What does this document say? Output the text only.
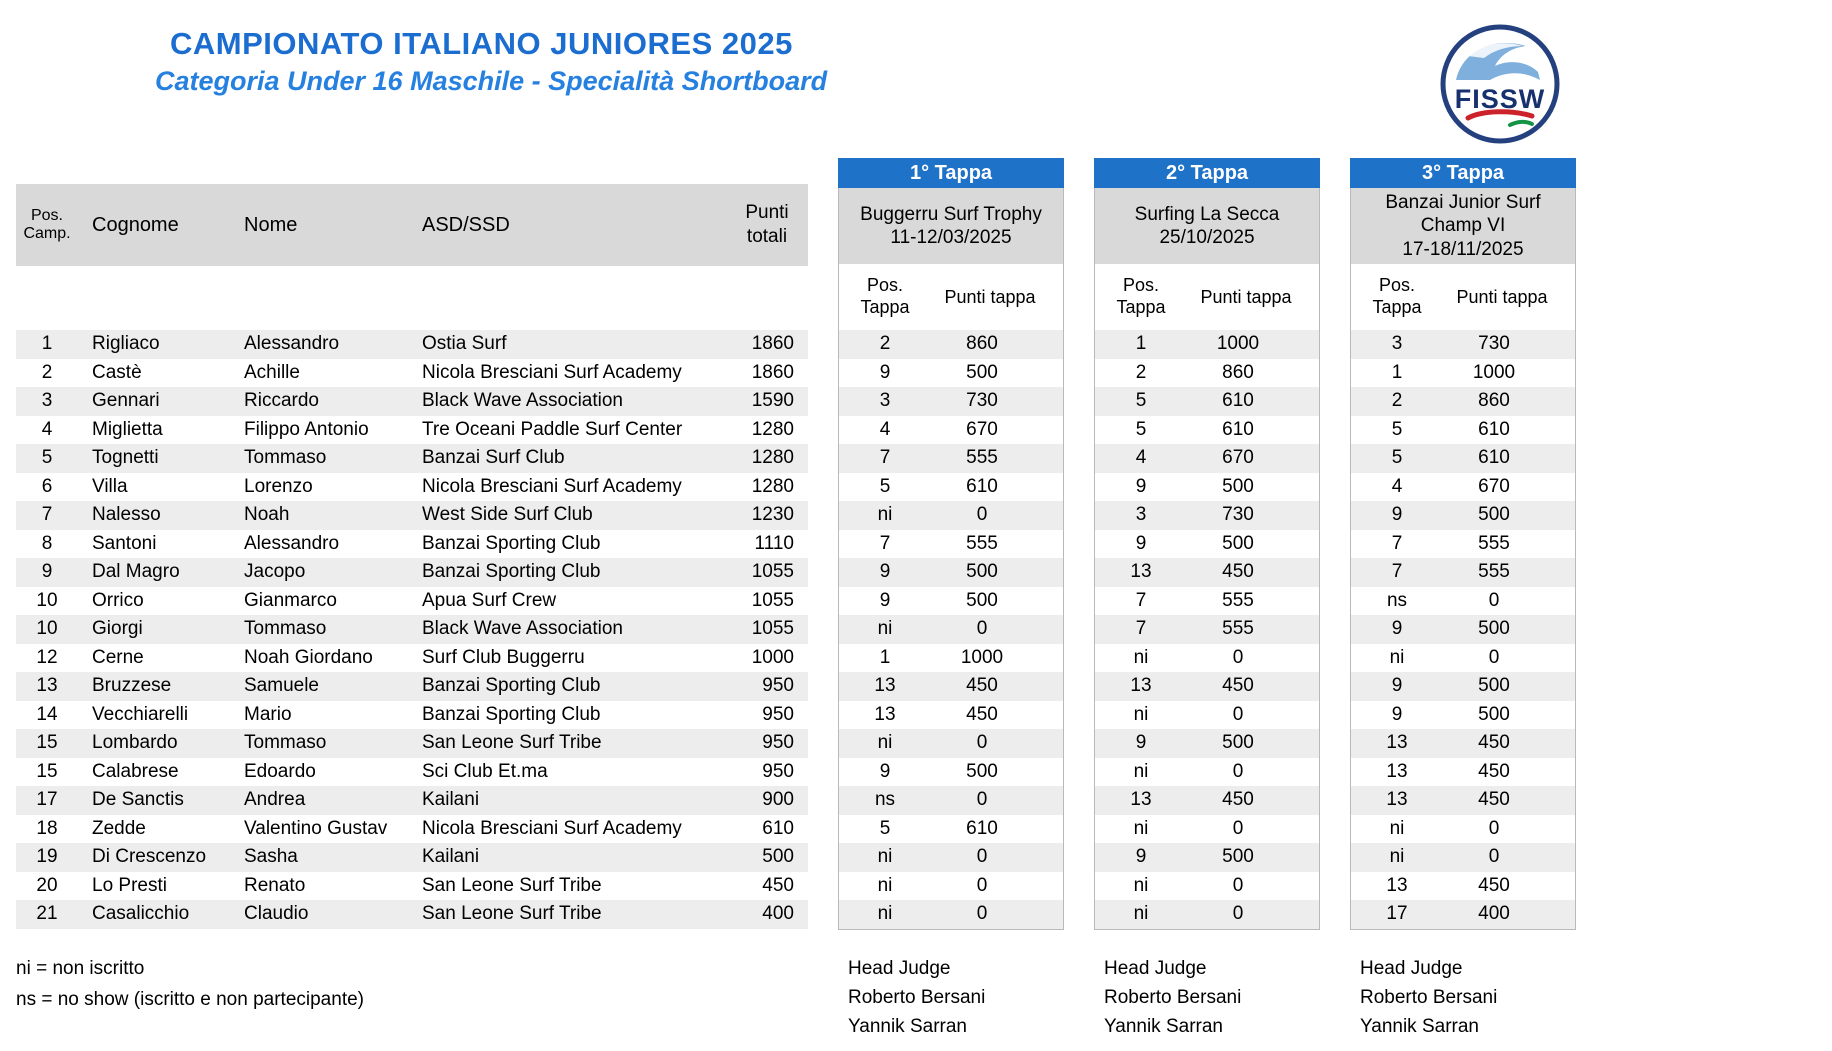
CAMPIONATO ITALIANO JUNIORES 2025
Categoria Under 16 Maschile - Specialità Shortboard
FISSW
Pos.
Camp.	Cognome	Nome	ASD/SSD
Punti
totali
1	Rigliaco	Alessandro	Ostia Surf	1860
2	Castè	Achille	Nicola Bresciani Surf Academy	1860
3	Gennari	Riccardo	Black Wave Association	1590
4	Miglietta	Filippo Antonio	Tre Oceani Paddle Surf Center	1280
5	Tognetti	Tommaso	Banzai Surf Club	1280
6	Villa	Lorenzo	Nicola Bresciani Surf Academy	1280
7	Nalesso	Noah	West Side Surf Club	1230
8	Santoni	Alessandro	Banzai Sporting Club	1110
9	Dal Magro	Jacopo	Banzai Sporting Club	1055
10	Orrico	Gianmarco	Apua Surf Crew	1055
10	Giorgi	Tommaso	Black Wave Association	1055
12	Cerne	Noah Giordano	Surf Club Buggerru	1000
13	Bruzzese	Samuele	Banzai Sporting Club	950
14	Vecchiarelli	Mario	Banzai Sporting Club	950
15	Lombardo	Tommaso	San Leone Surf Tribe	950
15	Calabrese	Edoardo	Sci Club Et.ma	950
17	De Sanctis	Andrea	Kailani	900
18	Zedde	Valentino Gustav	Nicola Bresciani Surf Academy	610
19	Di Crescenzo	Sasha	Kailani	500
20	Lo Presti	Renato	San Leone Surf Tribe	450
21	Casalicchio	Claudio	San Leone Surf Tribe	400
ni = non iscritto
ns = no show (iscritto e non partecipante)
1° Tappa
Buggerru Surf Trophy
11-12/03/2025
Pos.
Tappa
Punti tappa
2	860
9	500
3	730
4	670
7	555
5	610
ni	0
7	555
9	500
9	500
ni	0
1	1000
13	450
13	450
ni	0
9	500
ns	0
5	610
ni	0
ni	0
ni	0
Head Judge
Roberto Bersani
Yannik Sarran
2° Tappa
Surfing La Secca
25/10/2025
Pos.
Tappa
Punti tappa
1	1000
2	860
5	610
5	610
4	670
9	500
3	730
9	500
13	450
7	555
7	555
ni	0
13	450
ni	0
9	500
ni	0
13	450
ni	0
9	500
ni	0
ni	0
Head Judge
Roberto Bersani
Yannik Sarran
3° Tappa
Banzai Junior Surf
Champ VI
17-18/11/2025
Pos.
Tappa
Punti tappa
3	730
1	1000
2	860
5	610
5	610
4	670
9	500
7	555
7	555
ns	0
9	500
ni	0
9	500
9	500
13	450
13	450
13	450
ni	0
ni	0
13	450
17	400
Head Judge
Roberto Bersani
Yannik Sarran
